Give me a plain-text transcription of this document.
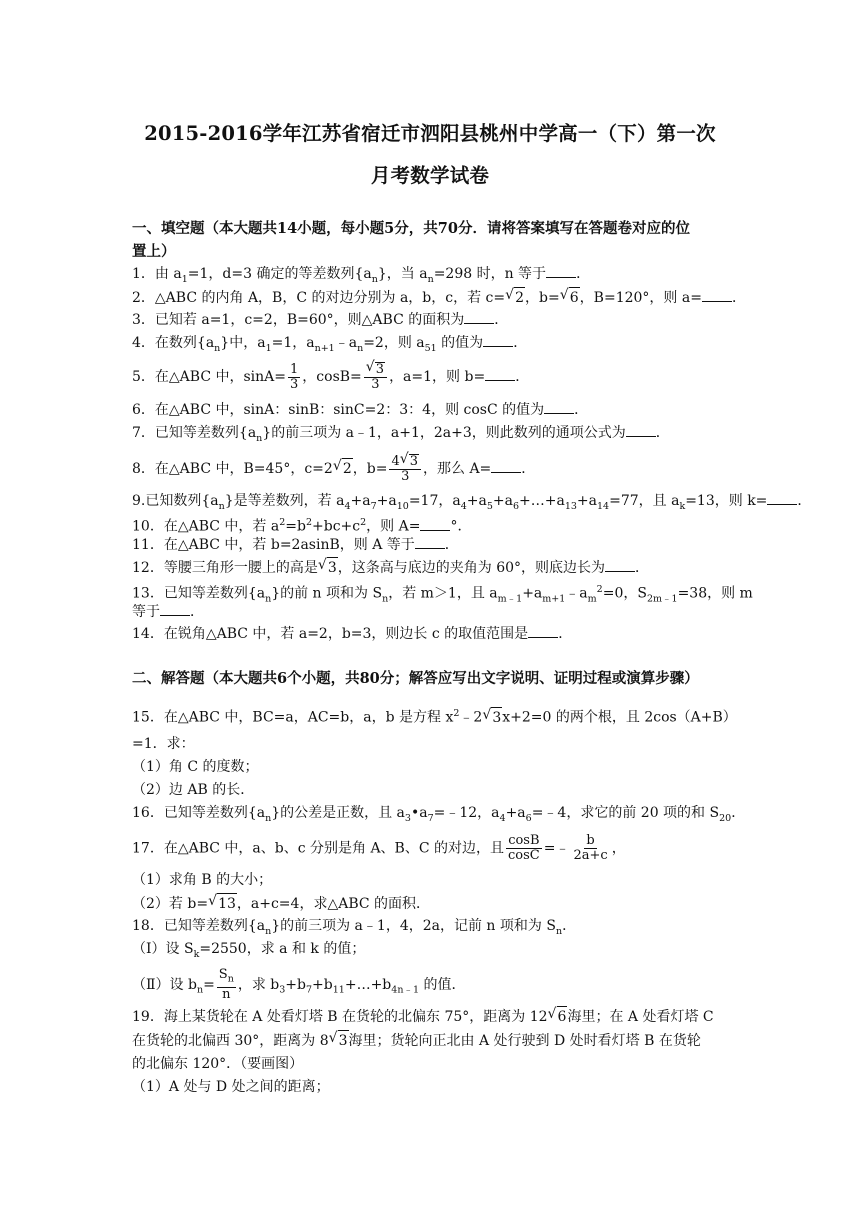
2015-2016学年江苏省宿迁市泗阳县桃州中学高一（下）第一次
月考数学试卷
一、填空题（本大题共14小题，每小题5分，共70分．请将答案填写在答题卷对应的位
置上）
1．由 $a_1=1$，d=3 确定的等差数列$\{a_n\}$，当 $a_n=298$ 时，n 等于 ．
2．△ABC 的内角 A，B，C 的对边分别为 a，b，c，若 c=√ 2，b=√ 6，B=120°，则 a= ．
3．已知若 a=1，c=2，B=60°，则△ABC 的面积为 ．
4．在数列$\{a_n\}$中，$a_1=1$，$a_{n+1}﹣a_n=2$，则 $a_{51}$ 的值为 ．
5．在△ABC 中，$\sin A= \frac{1}{3}$ ，cosB=
√ $\frac{3}{3}$ ，a=1，则 b= ．
6．在△ABC 中，sinA：sinB：sinC=2：3：4，则 cosC 的值为 ．
7．已知等差数列$\{a_n\}$的前三项为 a﹣1，a+1，2a+3，则此数列的通项公式为 ．
8．在△ABC 中，B=45°，c=2√ 2，$b= \frac{4√ 3}{3}$ ，那么 A= ．
9.已知数列$\{a_n\}$是等差数列，若 $a_4+a_7+a_{10}=17$，$a_4+a_5+a_6+\dots+a_{13}+a_{14}=77$，且 $a_k=13$，则 k= ．
10．在△ABC 中，若 $a^2=b^2+bc+c^2$，则 A= °．
11．在△ABC 中，若 b=2asinB，则 A 等于 ．
12．等腰三角形一腰上的高是√ 3，这条高与底边的夹角为 60°，则底边长为 ．
13．已知等差数列$\{a_n\}$的前 n 项和为 $S_n$，若 m＞1，且 $a_{m﹣1}+a_{m+1}﹣a_m^2=0$，$S_{2m﹣1}=38$，则 m
等于 ．
14．在锐角△ABC 中，若 a=2，b=3，则边长 c 的取值范围是 ．
二、解答题（本大题共6个小题，共80分；解答应写出文字说明、证明过程或演算步骤）
15．在△ABC 中，BC=a，AC=b，a，b 是方程 $x^2﹣2√$ 3x+2=0 的两个根，且 2cos（A+B）
=1．求：
（1）角 C 的度数；
（2）边 AB 的长．
16．已知等差数列$\{a_n\}$的公差是正数，且 $a_3•a_7=﹣12$，$a_4+a_6=﹣4$，求它的前 20 项的和 $S_{20}$．
17．在△ABC 中，a、b、c 分别是角 A、B、C 的对边，且 $\frac{\cos B}{\cos C}$ =﹣ $\frac{b}{2a+c}$ ，
（1）求角 B 的大小；
（2）若 b=√ 13，a+c=4，求△ABC 的面积．
18．已知等差数列$\{a_n\}$的前三项为 a﹣1，4，2a，记前 n 项和为 $S_n$．
（Ⅰ）设 $S_k=2550$，求 a 和 k 的值；
（Ⅱ）设 $b_n= \frac{S_n}{n}$ ，求 $b_3+b_7+b_{11}+\dots+b_{4n﹣1}$ 的值．
19．海上某货轮在 A 处看灯塔 B 在货轮的北偏东 75°，距离为 12√ 6海里；在 A 处看灯塔 C
在货轮的北偏西 30°，距离为 8√ 3海里；货轮向正北由 A 处行驶到 D 处时看灯塔 B 在货轮
的北偏东 120°．（要画图）
（1）A 处与 D 处之间的距离；
